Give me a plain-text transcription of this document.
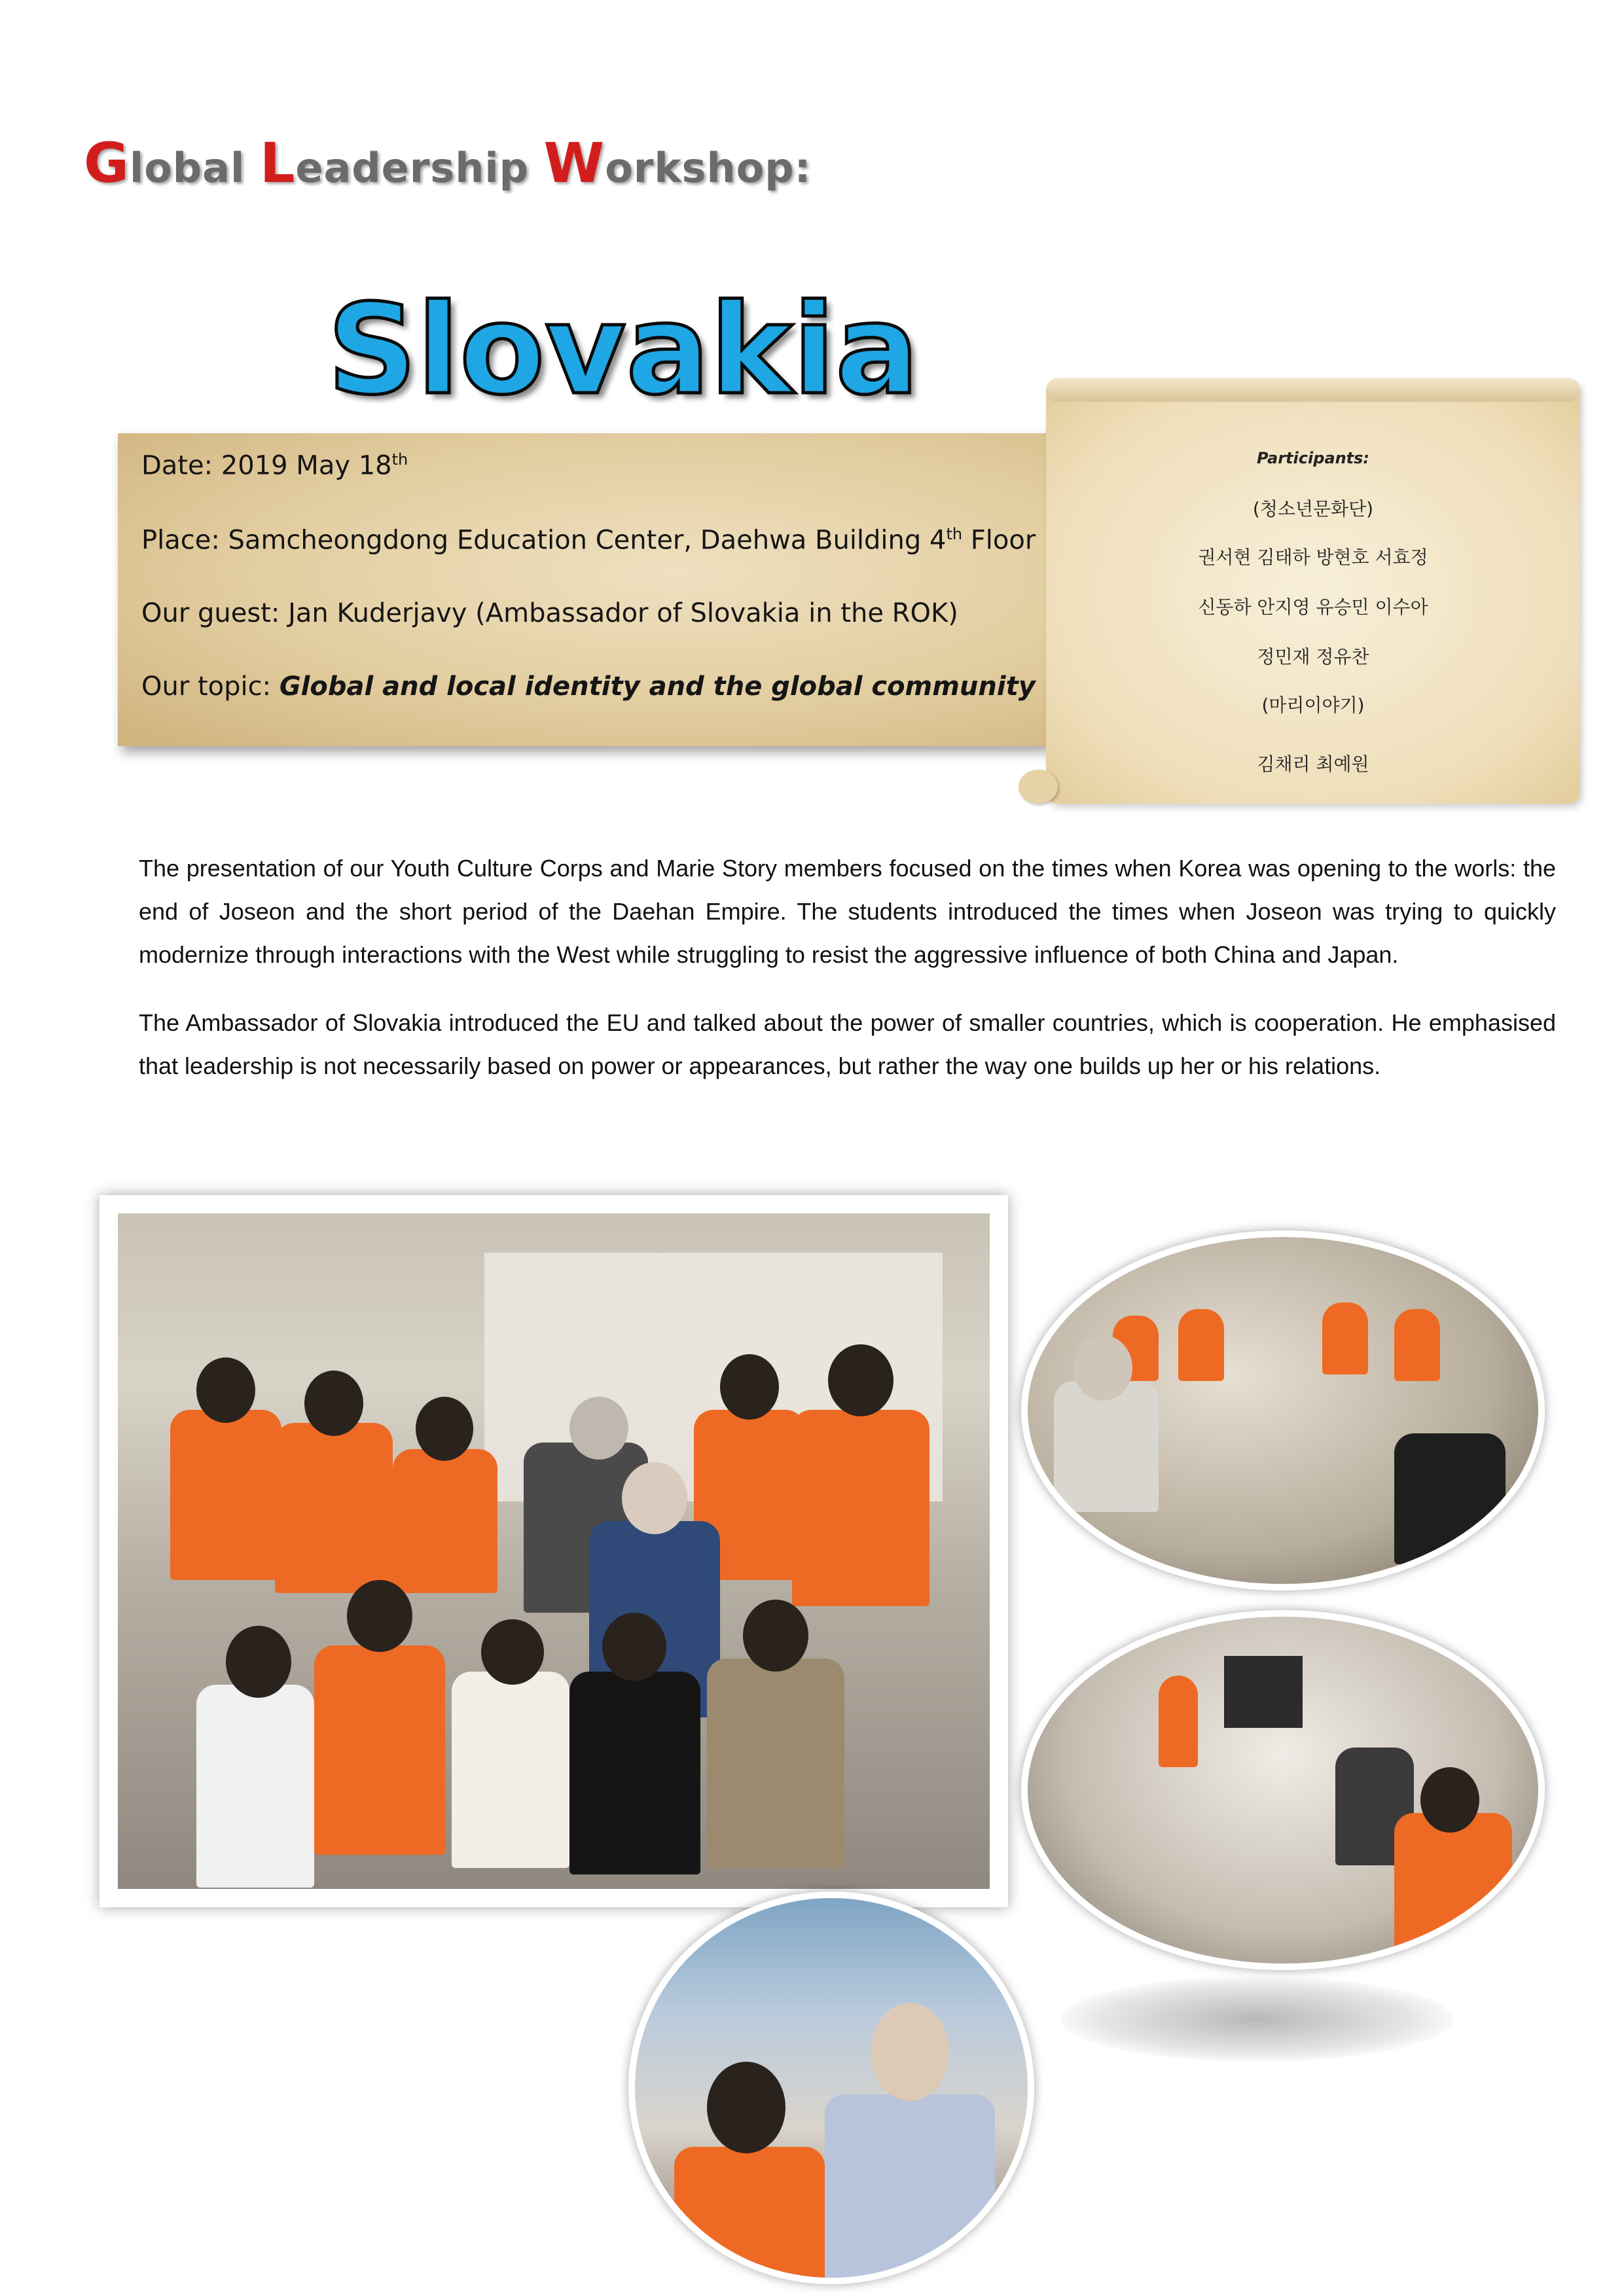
Global Leadership Workshop:
Slovakia

Date: 2019 May 18th

Place: Samcheongdong Education Center, Daehwa Building 4th Floor

Our guest: Jan Kuderjavy (Ambassador of Slovakia in the ROK)

Our topic: Global and local identity and the global community

Participants:

(청소년문화단)

권서현 김태하 방현호 서효정

신동하 안지영 유승민 이수아

정민재 정유찬

(마리이야기)

김채리 최예원

The presentation of our Youth Culture Corps and Marie Story members focused on the times when Korea was opening to the worls: the end of Joseon and the short period of the Daehan Empire. The students introduced the times when Joseon was trying to quickly modernize through interactions with the West while struggling to resist the aggressive influence of both China and Japan.

The Ambassador of Slovakia introduced the EU and talked about the power of smaller countries, which is cooperation. He emphasised that leadership is not necessarily based on power or appearances, but rather the way one builds up her or his relations.
